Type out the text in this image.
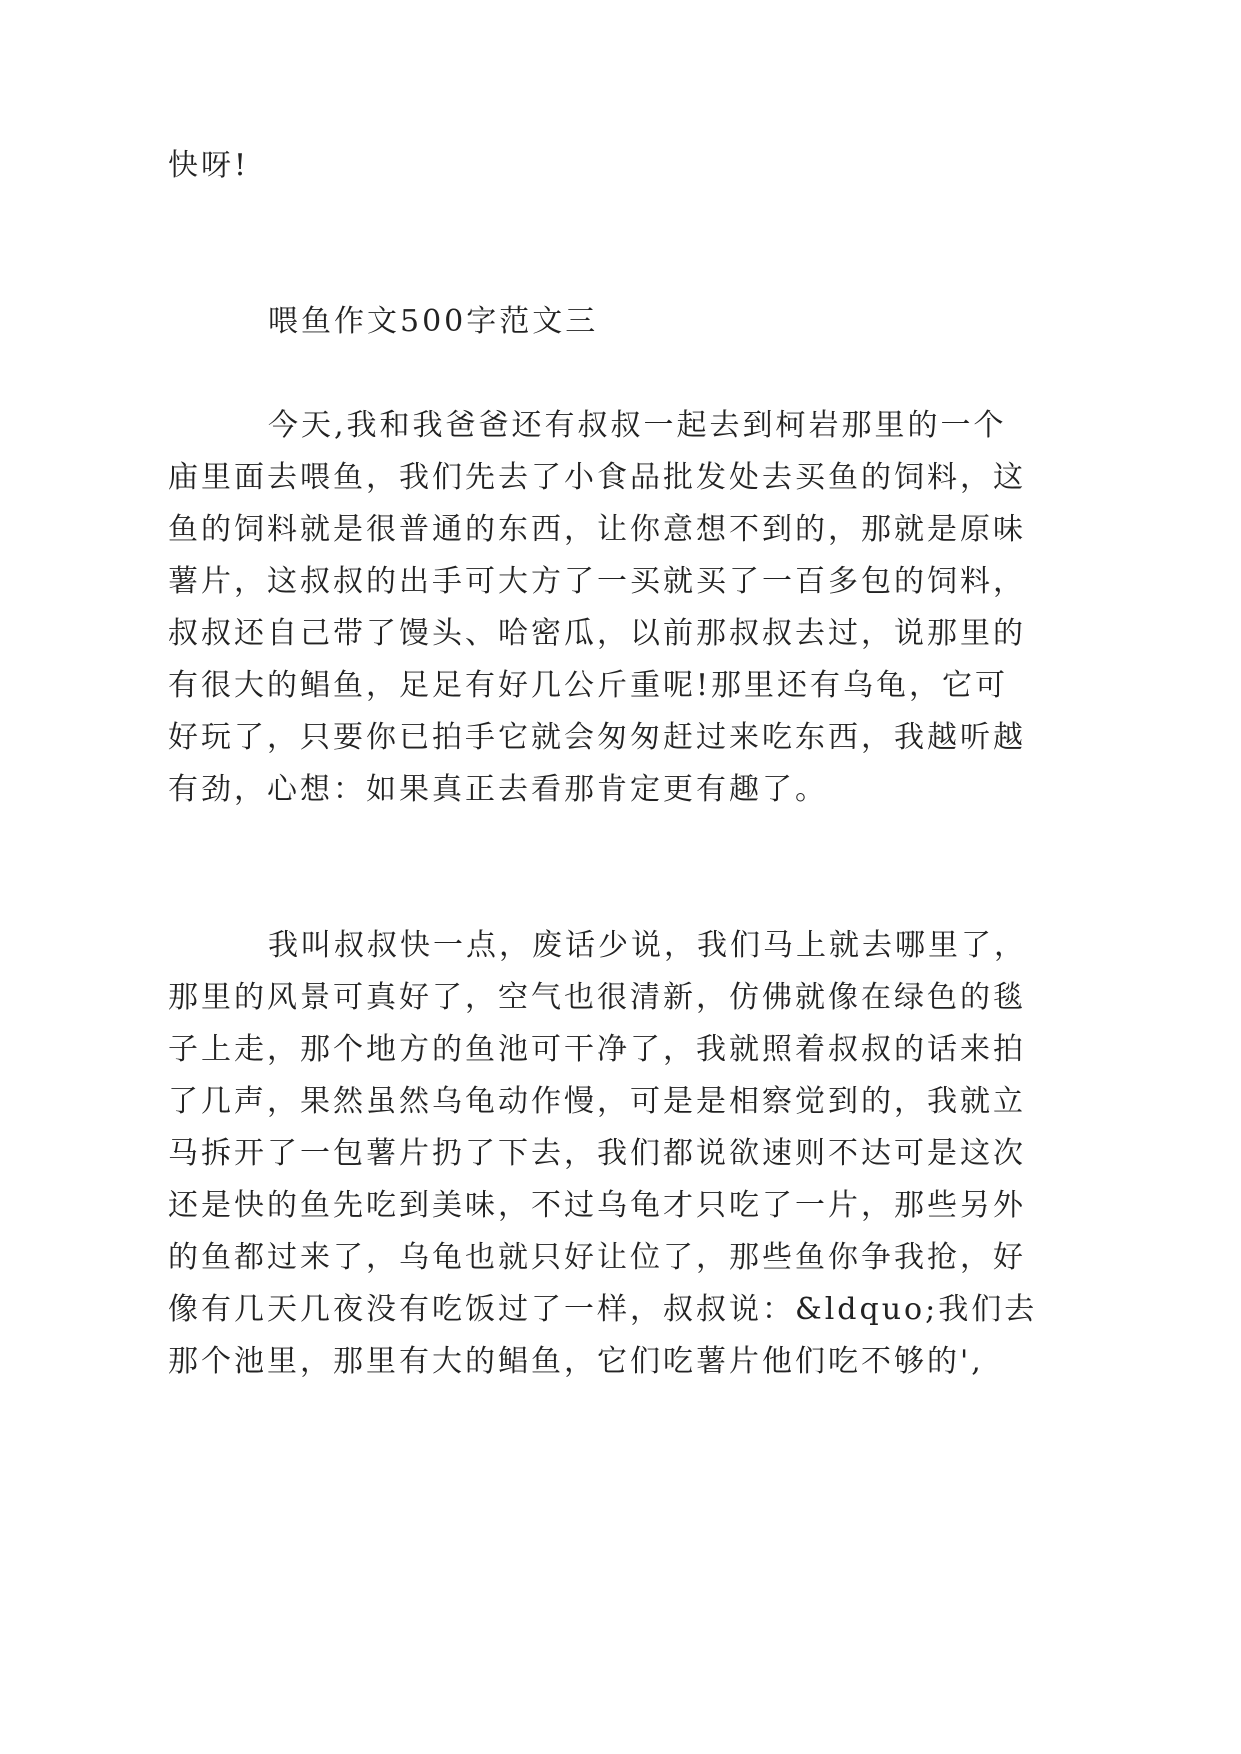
快呀!
喂鱼作文500字范文三
今天,我和我爸爸还有叔叔一起去到柯岩那里的一个
庙里面去喂鱼，我们先去了小食品批发处去买鱼的饲料，这
鱼的饲料就是很普通的东西，让你意想不到的，那就是原味
薯片，这叔叔的出手可大方了一买就买了一百多包的饲料，
叔叔还自己带了馒头、哈密瓜，以前那叔叔去过，说那里的
有很大的鲳鱼，足足有好几公斤重呢!那里还有乌龟，它可
好玩了，只要你已拍手它就会匆匆赶过来吃东西，我越听越
有劲，心想：如果真正去看那肯定更有趣了。
我叫叔叔快一点，废话少说，我们马上就去哪里了，
那里的风景可真好了，空气也很清新，仿佛就像在绿色的毯
子上走，那个地方的鱼池可干净了，我就照着叔叔的话来拍
了几声，果然虽然乌龟动作慢，可是是相察觉到的，我就立
马拆开了一包薯片扔了下去，我们都说欲速则不达可是这次
还是快的鱼先吃到美味，不过乌龟才只吃了一片，那些另外
的鱼都过来了，乌龟也就只好让位了，那些鱼你争我抢，好
像有几天几夜没有吃饭过了一样，叔叔说：&ldquo;我们去
那个池里，那里有大的鲳鱼，它们吃薯片他们吃不够的',
